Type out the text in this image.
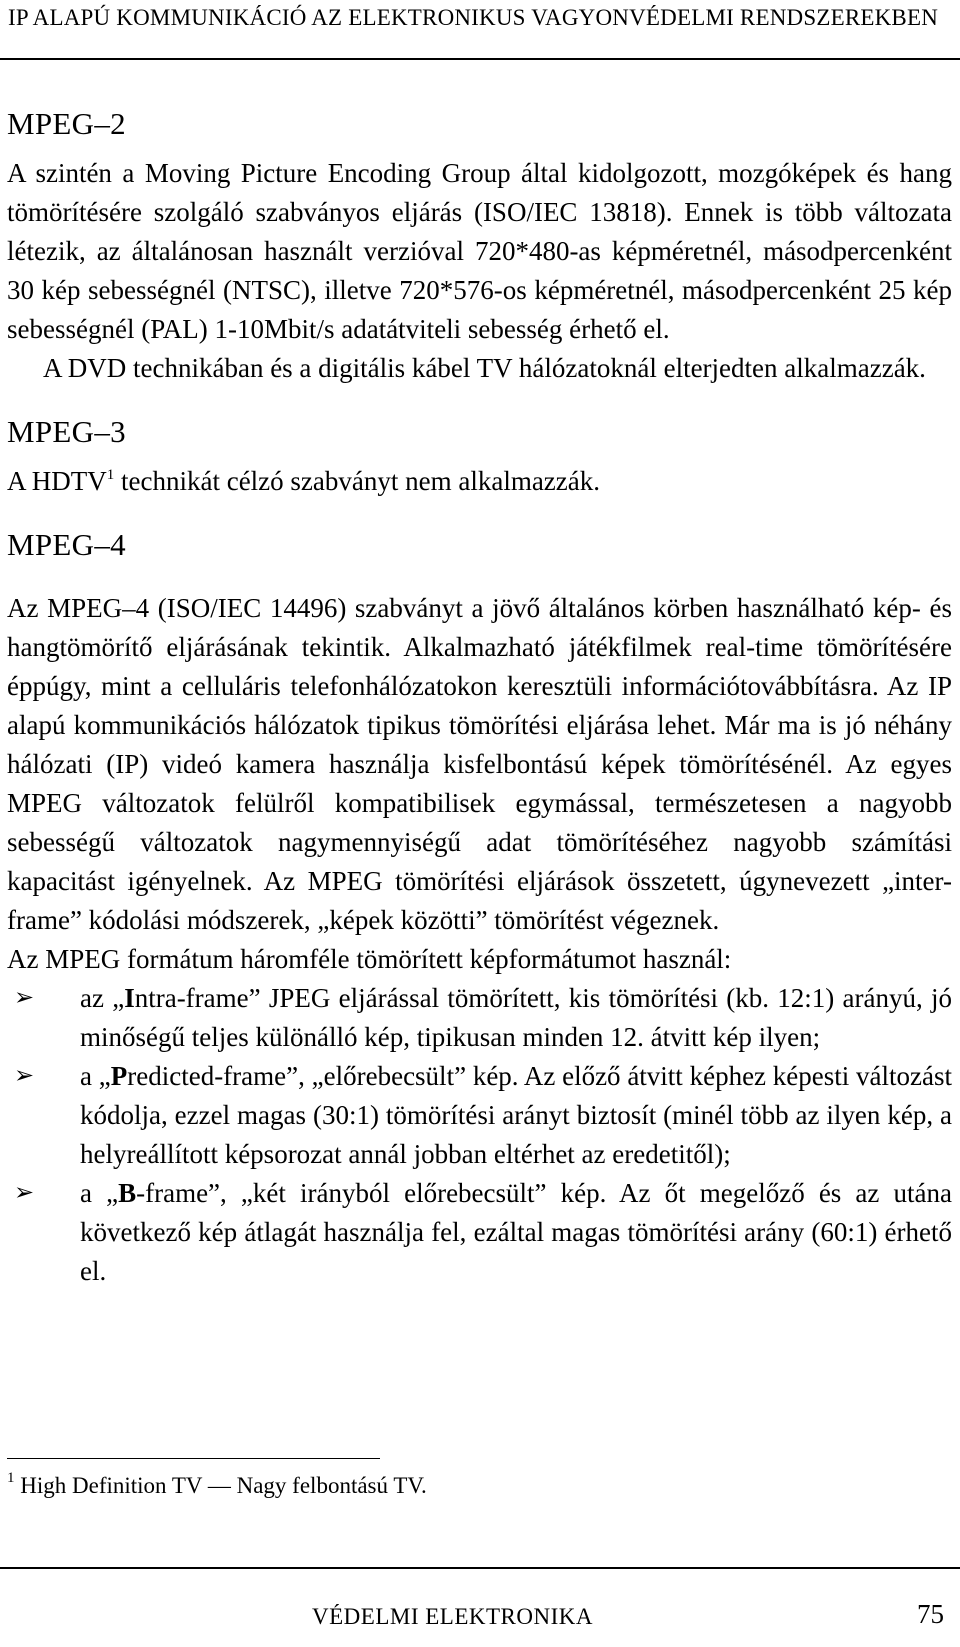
IP ALAPÚ KOMMUNIKÁCIÓ AZ ELEKTRONIKUS VAGYONVÉDELMI RENDSZEREKBEN
MPEG–2

A szintén a Moving Picture Encoding Group által kidolgozott, mozgóképek és hang tömörítésére szolgáló szabványos eljárás (ISO/IEC 13818). Ennek is több változata létezik, az általánosan használt verzióval 720*480-as képméretnél, másodpercenként 30 kép sebességnél (NTSC), illetve 720*576-os képméretnél, másodpercenként 25 kép sebességnél (PAL) 1-10Mbit/s adatátviteli sebesség érhető el.

A DVD technikában és a digitális kábel TV hálózatoknál elterjedten alkalmazzák.

MPEG–3

A HDTV$^1$ technikát célzó szabványt nem alkalmazzák.

MPEG–4

Az MPEG–4 (ISO/IEC 14496) szabványt a jövő általános körben használható kép- és hangtömörítő eljárásának tekintik. Alkalmazható játékfilmek real-time tömörítésére éppúgy, mint a celluláris telefonhálózatokon keresztüli információtovábbításra. Az IP alapú kommunikációs hálózatok tipikus tömörítési eljárása lehet. Már ma is jó néhány hálózati (IP) videó kamera használja kisfelbontású képek tömörítésénél. Az egyes MPEG változatok felülről kompatibilisek egymással, természetesen a nagyobb sebességű változatok nagymennyiségű adat tömörítéséhez nagyobb számítási kapacitást igényelnek. Az MPEG tömörítési eljárások összetett, úgynevezett „inter-frame” kódolási módszerek, „képek közötti” tömörítést végeznek.

Az MPEG formátum háromféle tömörített képformátumot használ:

➢ az „Intra-frame” JPEG eljárással tömörített, kis tömörítési (kb. 12:1) arányú, jó minőségű teljes különálló kép, tipikusan minden 12. átvitt kép ilyen;
➢ a „Predicted-frame”, „előrebecsült” kép. Az előző átvitt képhez képesti változást kódolja, ezzel magas (30:1) tömörítési arányt biztosít (minél több az ilyen kép, a helyreállított képsorozat annál jobban eltérhet az eredetitől);
➢ a „B-frame”, „két irányból előrebecsült” kép. Az őt megelőző és az utána következő kép átlagát használja fel, ezáltal magas tömörítési arány (60:1) érhető el.
$^1$ High Definition TV — Nagy felbontású TV.
VÉDELMI ELEKTRONIKA	75
